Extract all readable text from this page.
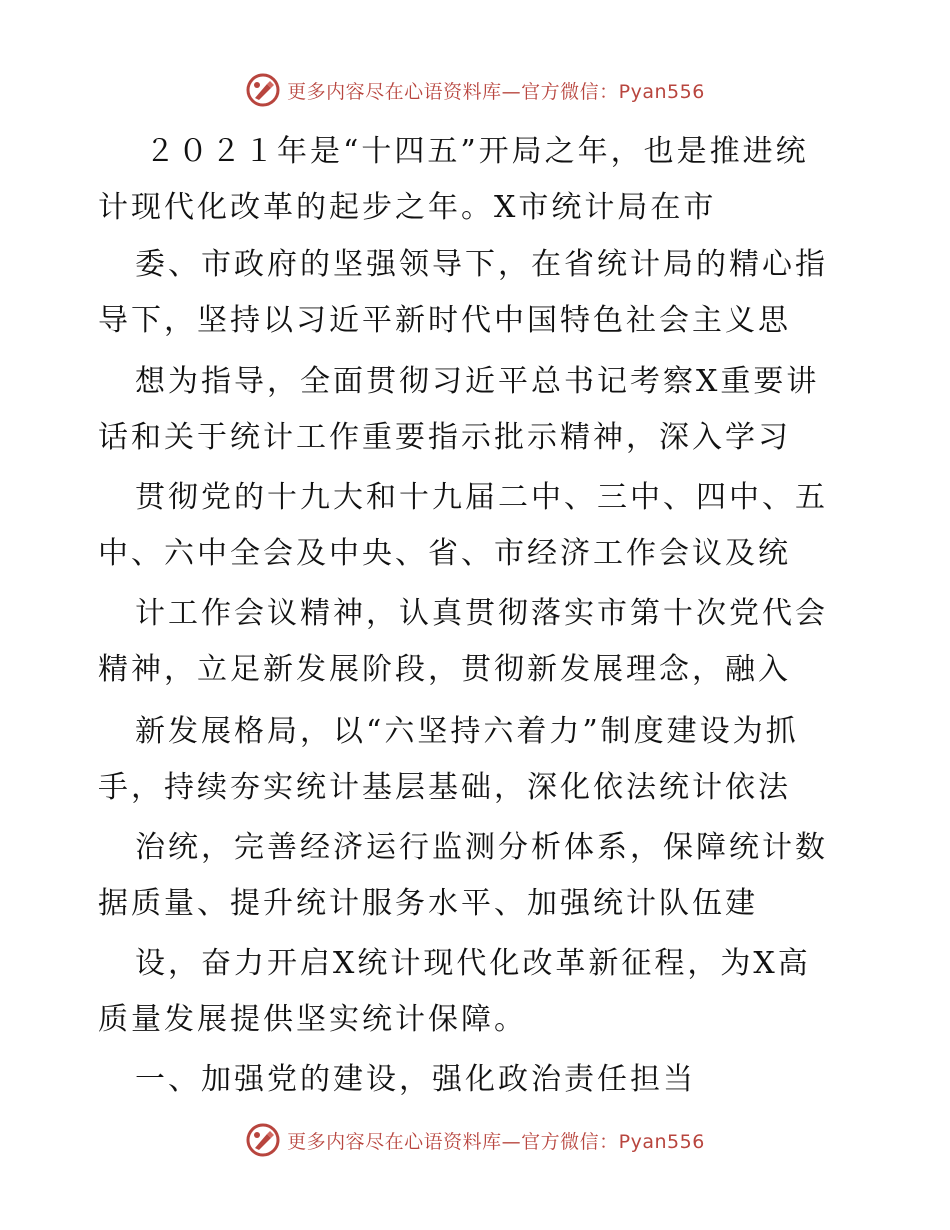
更多内容尽在心语资料库—官方微信：Pyan556
２０２１年是“十四五”开局之年，也是推进统
计现代化改革的起步之年。X市统计局在市
委、市政府的坚强领导下，在省统计局的精心指
导下，坚持以习近平新时代中国特色社会主义思
想为指导，全面贯彻习近平总书记考察X重要讲
话和关于统计工作重要指示批示精神，深入学习
贯彻党的十九大和十九届二中、三中、四中、五
中、六中全会及中央、省、市经济工作会议及统
计工作会议精神，认真贯彻落实市第十次党代会
精神，立足新发展阶段，贯彻新发展理念，融入
新发展格局，以“六坚持六着力”制度建设为抓
手，持续夯实统计基层基础，深化依法统计依法
治统，完善经济运行监测分析体系，保障统计数
据质量、提升统计服务水平、加强统计队伍建
设，奋力开启X统计现代化改革新征程，为X高
质量发展提供坚实统计保障。
一、加强党的建设，强化政治责任担当
更多内容尽在心语资料库—官方微信：Pyan556
